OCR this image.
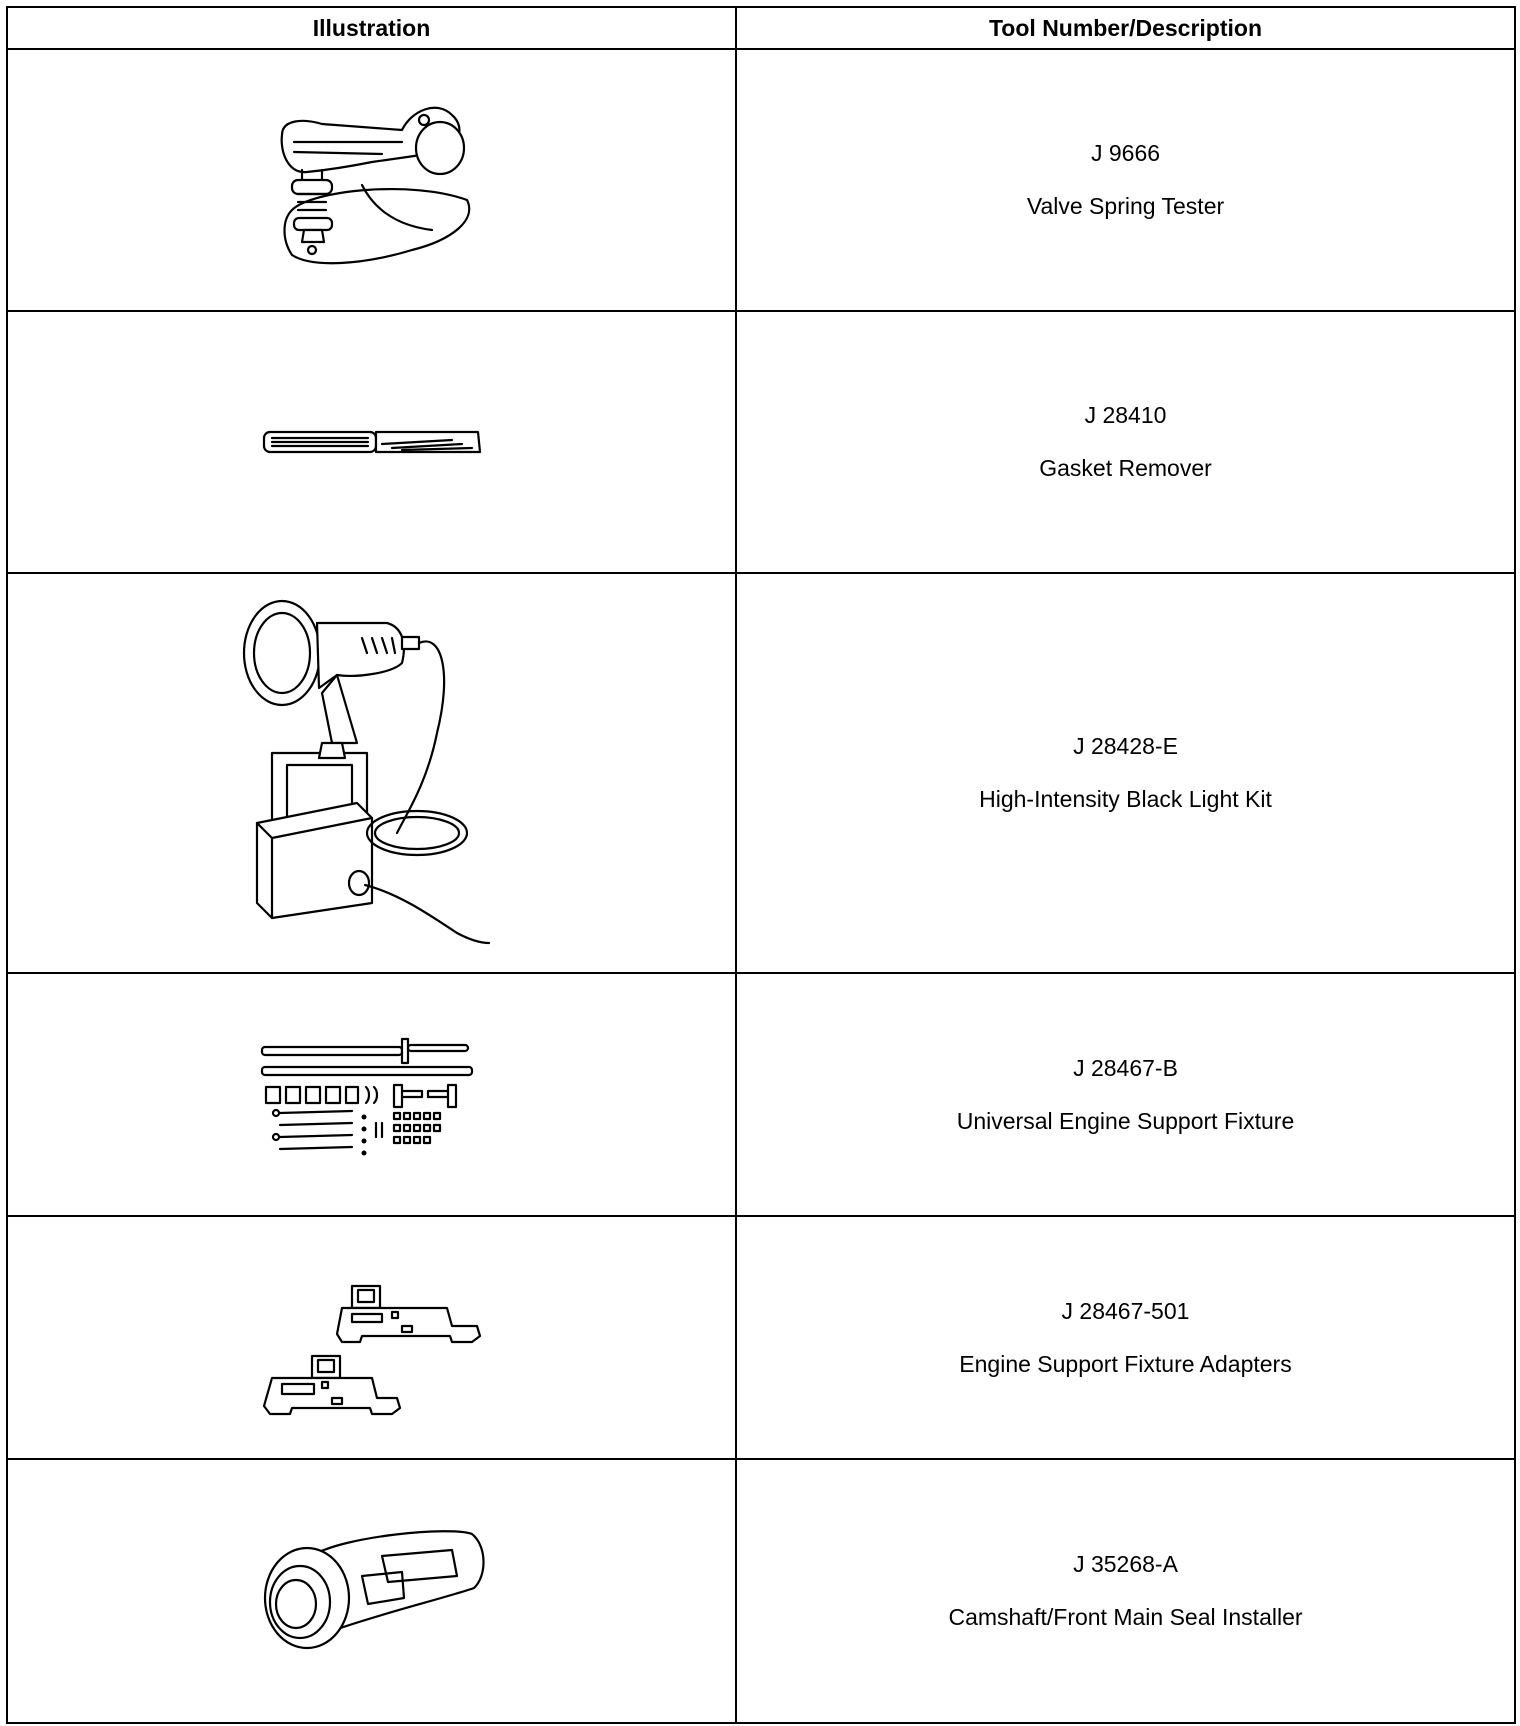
Illustration	Tool Number/Description

J 9666
Valve Spring Tester

J 28410
Gasket Remover

J 28428-E
High-Intensity Black Light Kit

J 28467-B
Universal Engine Support Fixture

J 28467-501
Engine Support Fixture Adapters

J 35268-A
Camshaft/Front Main Seal Installer
